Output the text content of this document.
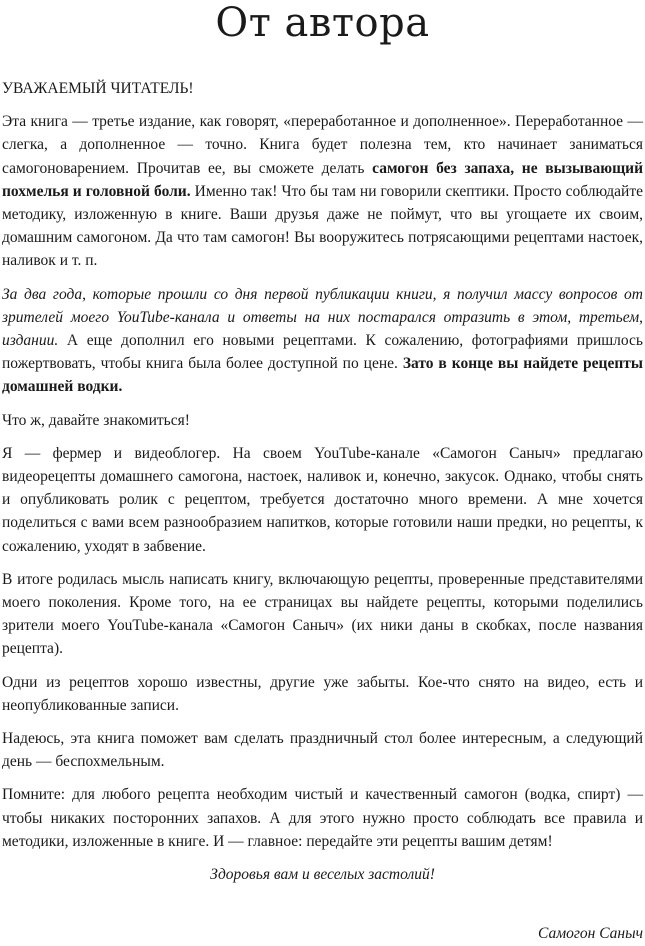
От автора

УВАЖАЕМЫЙ ЧИТАТЕЛЬ!

Эта книга — третье издание, как говорят, «переработанное и дополненное». Переработанное — слегка, а дополненное — точно. Книга будет полезна тем, кто начинает заниматься самогоноварением. Прочитав ее, вы сможете делать самогон без запаха, не вызывающий похмелья и головной боли. Именно так! Что бы там ни говорили скептики. Просто соблюдайте методику, изложенную в книге. Ваши друзья даже не поймут, что вы угощаете их своим, домашним самогоном. Да что там самогон! Вы вооружитесь потрясающими рецептами настоек, наливок и т. п.

За два года, которые прошли со дня первой публикации книги, я получил массу вопросов от зрителей моего YouTube-канала и ответы на них постарался отразить в этом, третьем, издании. А еще дополнил его новыми рецептами. К сожалению, фотографиями пришлось пожертвовать, чтобы книга была более доступной по цене. Зато в конце вы найдете рецепты домашней водки.

Что ж, давайте знакомиться!

Я — фермер и видеоблогер. На своем YouTube-канале «Самогон Саныч» предлагаю видеорецепты домашнего самогона, настоек, наливок и, конечно, закусок. Однако, чтобы снять и опубликовать ролик с рецептом, требуется достаточно много времени. А мне хочется поделиться с вами всем разнообразием напитков, которые готовили наши предки, но рецепты, к сожалению, уходят в забвение.

В итоге родилась мысль написать книгу, включающую рецепты, проверенные представителями моего поколения. Кроме того, на ее страницах вы найдете рецепты, которыми поделились зрители моего YouTube-канала «Самогон Саныч» (их ники даны в скобках, после названия рецепта).

Одни из рецептов хорошо известны, другие уже забыты. Кое-что снято на видео, есть и неопубликованные записи.

Надеюсь, эта книга поможет вам сделать праздничный стол более интересным, а следующий день — беспохмельным.

Помните: для любого рецепта необходим чистый и качественный самогон (водка, спирт) — чтобы никаких посторонних запахов. А для этого нужно просто соблюдать все правила и методики, изложенные в книге. И — главное: передайте эти рецепты вашим детям!

Здоровья вам и веселых застолий!

Самогон Саныч
